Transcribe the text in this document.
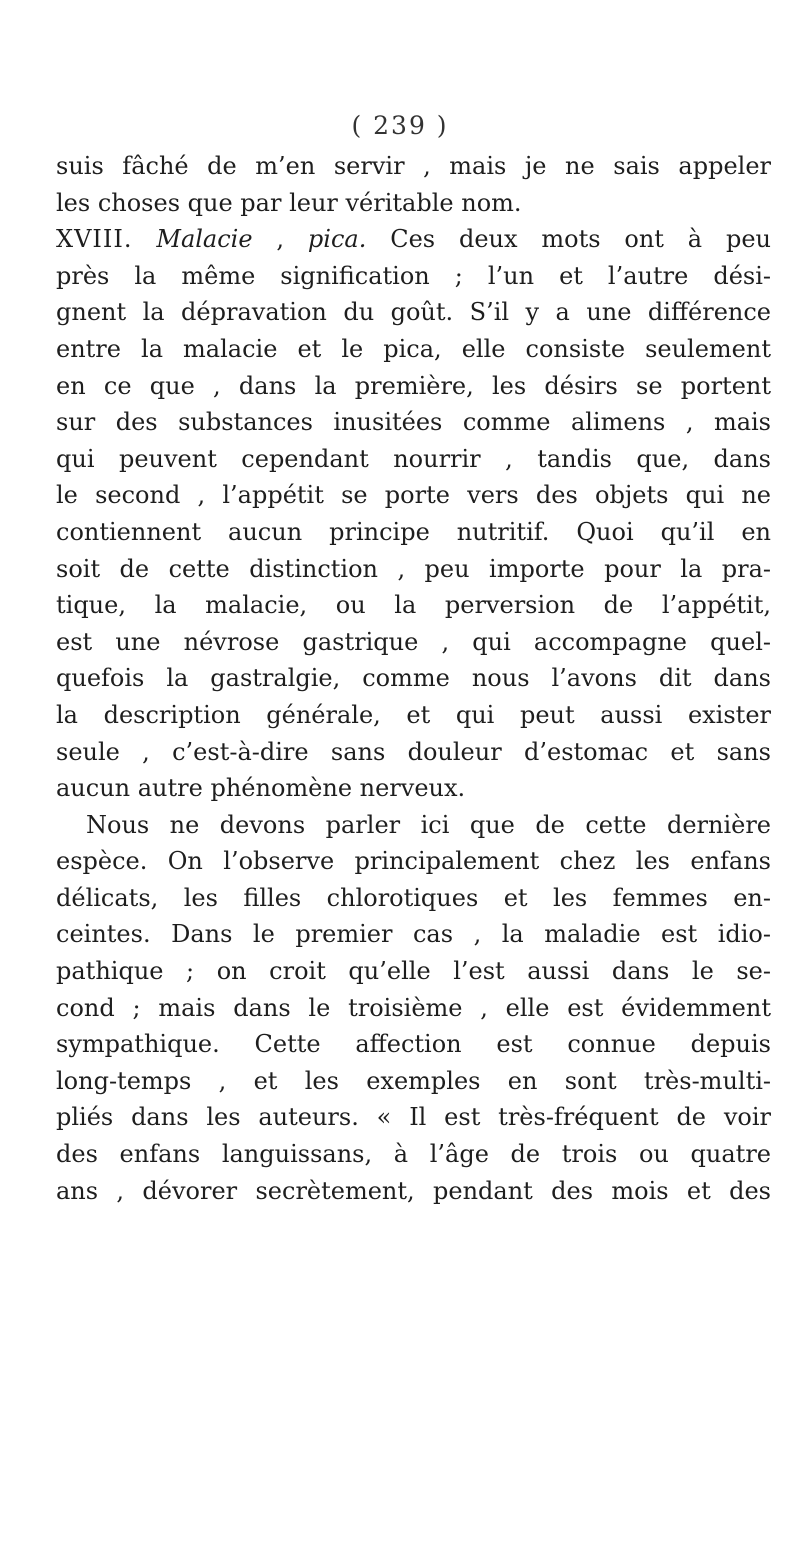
( 239 )
suis fâché de m’en servir , mais je ne sais appeler
les choses que par leur véritable nom.
XVIII. Malacie , pica. Ces deux mots ont à peu
près la même signification ; l’un et l’autre dési-
gnent la dépravation du goût. S’il y a une différence
entre la malacie et le pica, elle consiste seulement
en ce que , dans la première, les désirs se portent
sur des substances inusitées comme alimens , mais
qui peuvent cependant nourrir , tandis que, dans
le second , l’appétit se porte vers des objets qui ne
contiennent aucun principe nutritif. Quoi qu’il en
soit de cette distinction , peu importe pour la pra-
tique, la malacie, ou la perversion de l’appétit,
est une névrose gastrique , qui accompagne quel-
quefois la gastralgie, comme nous l’avons dit dans
la description générale, et qui peut aussi exister
seule , c’est-à-dire sans douleur d’estomac et sans
aucun autre phénomène nerveux.
Nous ne devons parler ici que de cette dernière
espèce. On l’observe principalement chez les enfans
délicats, les filles chlorotiques et les femmes en-
ceintes. Dans le premier cas , la maladie est idio-
pathique ; on croit qu’elle l’est aussi dans le se-
cond ; mais dans le troisième , elle est évidemment
sympathique. Cette affection est connue depuis
long-temps , et les exemples en sont très-multi-
pliés dans les auteurs. « Il est très-fréquent de voir
des enfans languissans, à l’âge de trois ou quatre
ans , dévorer secrètement, pendant des mois et des
